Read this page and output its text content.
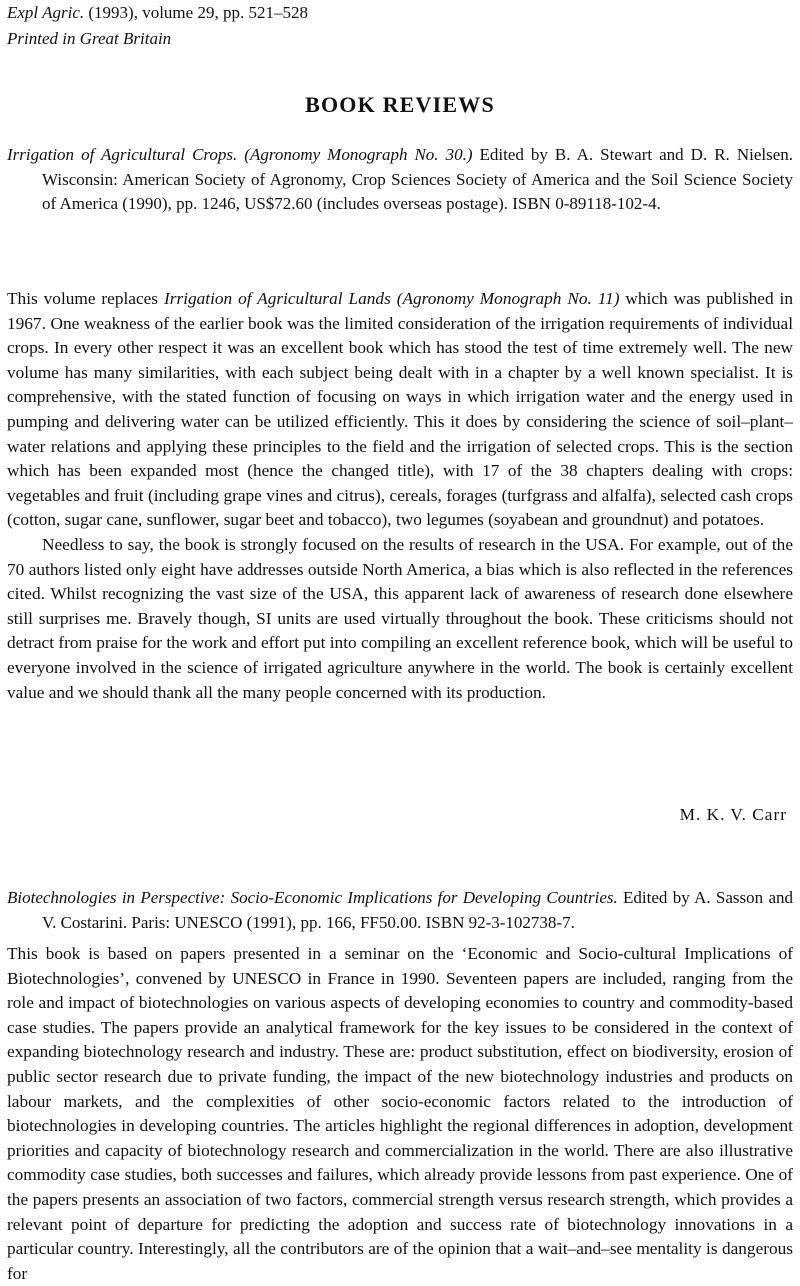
Expl Agric. (1993), volume 29, pp. 521–528
Printed in Great Britain
BOOK REVIEWS
Irrigation of Agricultural Crops. (Agronomy Monograph No. 30.) Edited by B. A. Stewart and D. R. Nielsen. Wisconsin: American Society of Agronomy, Crop Sciences Society of America and the Soil Science Society of America (1990), pp. 1246, US$72.60 (includes overseas postage). ISBN 0-89118-102-4.

This volume replaces Irrigation of Agricultural Lands (Agronomy Monograph No. 11) which was published in 1967. One weakness of the earlier book was the limited consideration of the irrigation requirements of individual crops. In every other respect it was an excellent book which has stood the test of time extremely well. The new volume has many similarities, with each subject being dealt with in a chapter by a well known specialist. It is comprehensive, with the stated function of focusing on ways in which irrigation water and the energy used in pumping and delivering water can be utilized efficiently. This it does by considering the science of soil–plant–water relations and applying these principles to the field and the irrigation of selected crops. This is the section which has been expanded most (hence the changed title), with 17 of the 38 chapters dealing with crops: vegetables and fruit (including grape vines and citrus), cereals, forages (turfgrass and alfalfa), selected cash crops (cotton, sugar cane, sunflower, sugar beet and tobacco), two legumes (soyabean and groundnut) and potatoes.

Needless to say, the book is strongly focused on the results of research in the USA. For example, out of the 70 authors listed only eight have addresses outside North America, a bias which is also reflected in the references cited. Whilst recognizing the vast size of the USA, this apparent lack of awareness of research done elsewhere still surprises me. Bravely though, SI units are used virtually throughout the book. These criticisms should not detract from praise for the work and effort put into compiling an excellent reference book, which will be useful to everyone involved in the science of irrigated agriculture anywhere in the world. The book is certainly excellent value and we should thank all the many people concerned with its production.

M. K. V. Carr
Biotechnologies in Perspective: Socio-Economic Implications for Developing Countries. Edited by A. Sasson and V. Costarini. Paris: UNESCO (1991), pp. 166, FF50.00. ISBN 92-3-102738-7.

This book is based on papers presented in a seminar on the ‘Economic and Socio-cultural Implications of Biotechnologies’, convened by UNESCO in France in 1990. Seventeen papers are included, ranging from the role and impact of biotechnologies on various aspects of developing economies to country and commodity-based case studies. The papers provide an analytical framework for the key issues to be considered in the context of expanding biotechnology research and industry. These are: product substitution, effect on biodiversity, erosion of public sector research due to private funding, the impact of the new biotechnology industries and products on labour markets, and the complexities of other socio-economic factors related to the introduction of biotechnologies in developing countries. The articles highlight the regional differences in adoption, development priorities and capacity of biotechnology research and commercialization in the world. There are also illustrative commodity case studies, both successes and failures, which already provide lessons from past experience. One of the papers presents an association of two factors, commercial strength versus research strength, which provides a relevant point of departure for predicting the adoption and success rate of biotechnology innovations in a particular country. Interestingly, all the contributors are of the opinion that a wait–and–see mentality is dangerous for
